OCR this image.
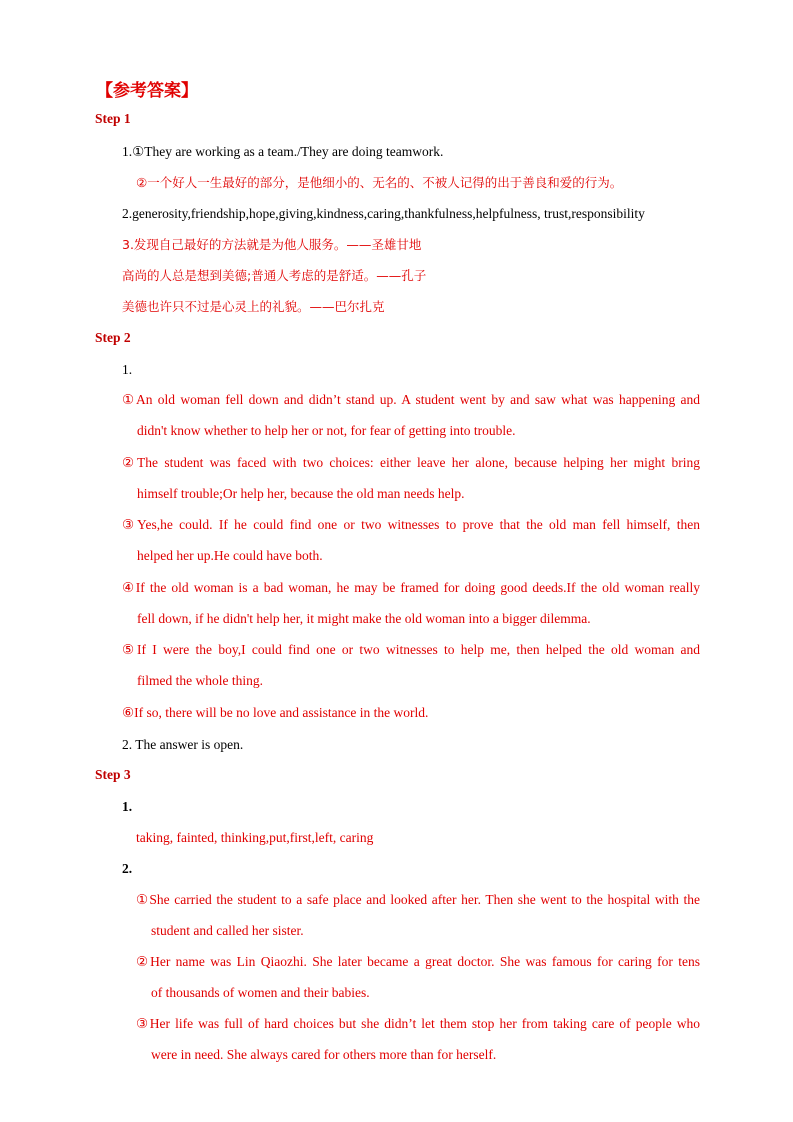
【参考答案】
Step 1
1.①They are working as a team./They are doing teamwork.
②一个好人一生最好的部分，是他细小的、无名的、不被人记得的出于善良和爱的行为。
2.generosity,friendship,hope,giving,kindness,caring,thankfulness,helpfulness, trust,responsibility
3.发现自己最好的方法就是为他人服务。——圣雄甘地
高尚的人总是想到美德;普通人考虑的是舒适。——孔子
美德也许只不过是心灵上的礼貌。——巴尔扎克
Step 2
1.
①An old woman fell down and didn’t stand up. A student went by and saw what was happening and
didn't know whether to help her or not, for fear of getting into trouble.
②The student was faced with two choices: either leave her alone, because helping her might bring
himself trouble;Or help her, because the old man needs help.
③Yes,he could. If he could find one or two witnesses to prove that the old man fell himself, then
helped her up.He could have both.
④If the old woman is a bad woman, he may be framed for doing good deeds.If the old woman really
fell down, if he didn't help her, it might make the old woman into a bigger dilemma.
⑤If I were the boy,I could find one or two witnesses to help me, then helped the old woman and
filmed the whole thing.
⑥If so, there will be no love and assistance in the world.
2. The answer is open.
Step 3
1.
taking, fainted, thinking,put,first,left, caring
2.
①She carried the student to a safe place and looked after her. Then she went to the hospital with the
student and called her sister.
②Her name was Lin Qiaozhi. She later became a great doctor. She was famous for caring for tens
of thousands of women and their babies.
③Her life was full of hard choices but she didn’t let them stop her from taking care of people who
were in need. She always cared for others more than for herself.
